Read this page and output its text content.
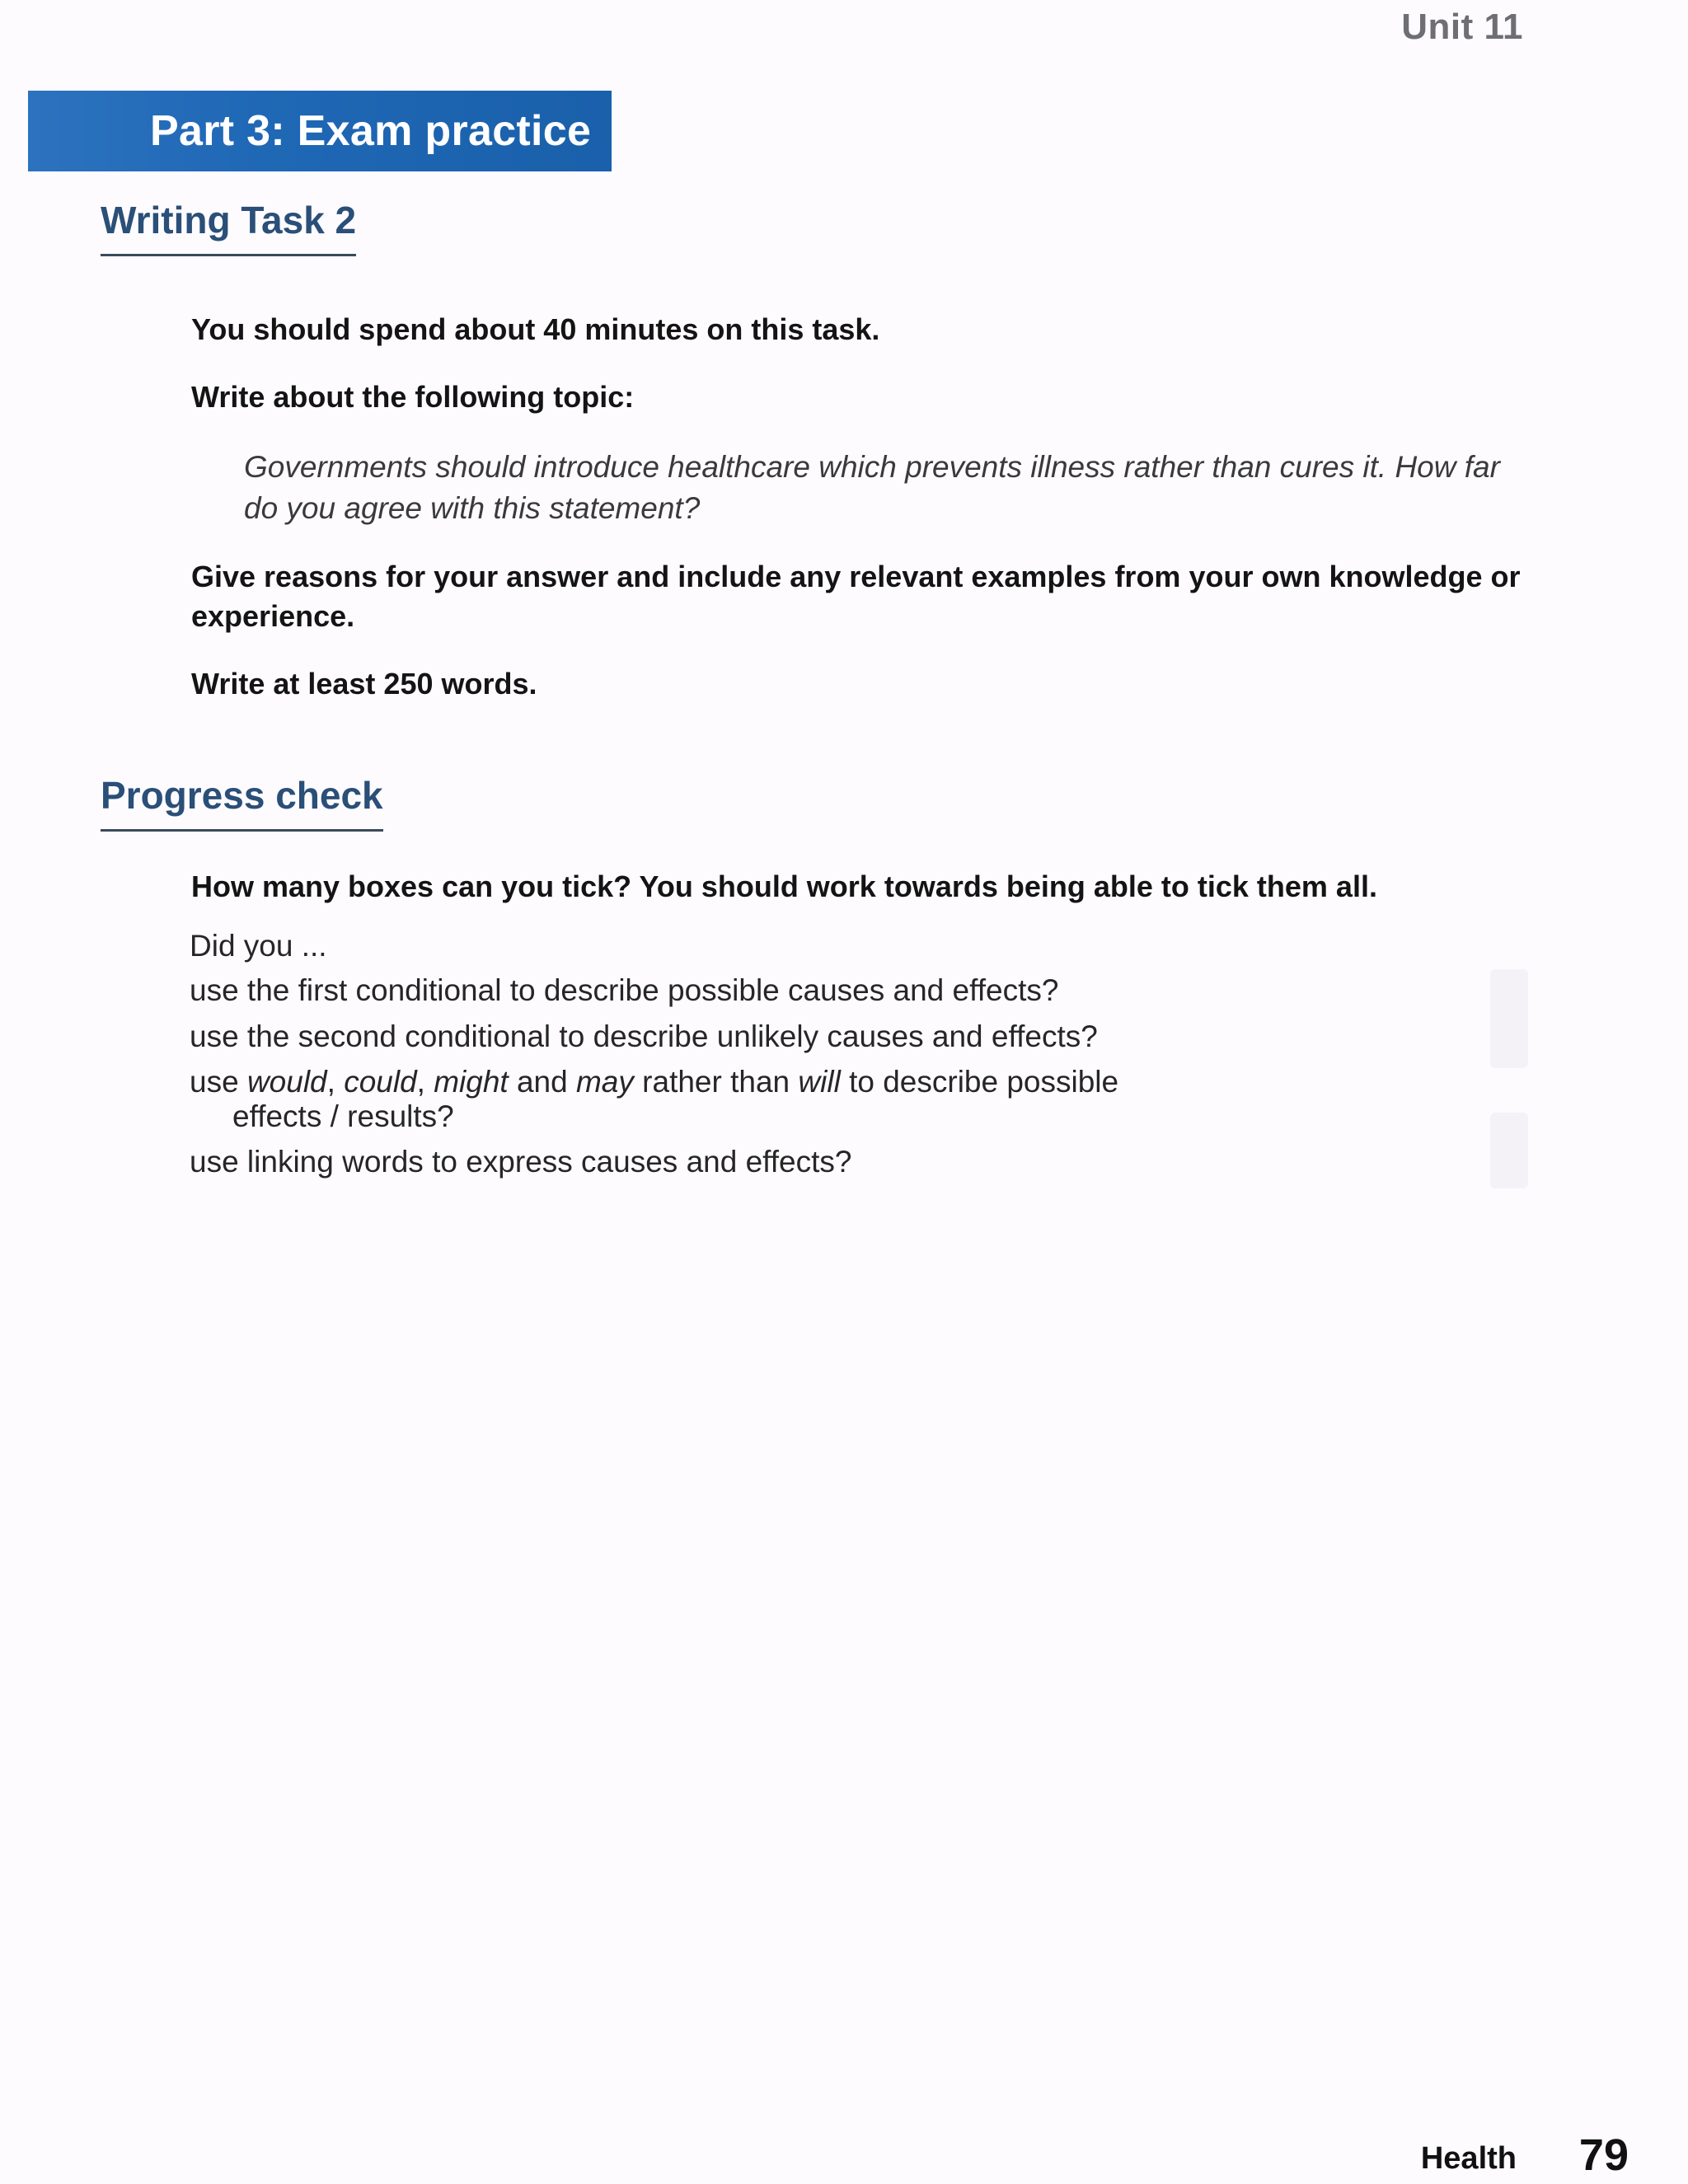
Unit 11
Part 3: Exam practice
Writing Task 2
You should spend about 40 minutes on this task.
Write about the following topic:
Governments should introduce healthcare which prevents illness rather than cures it. How far do you agree with this statement?
Give reasons for your answer and include any relevant examples from your own knowledge or experience.
Write at least 250 words.
Progress check
How many boxes can you tick? You should work towards being able to tick them all.
Did you ...
use the first conditional to describe possible causes and effects?
use the second conditional to describe unlikely causes and effects?
use would, could, might and may rather than will to describe possible
effects / results?
use linking words to express causes and effects?
Health 79
